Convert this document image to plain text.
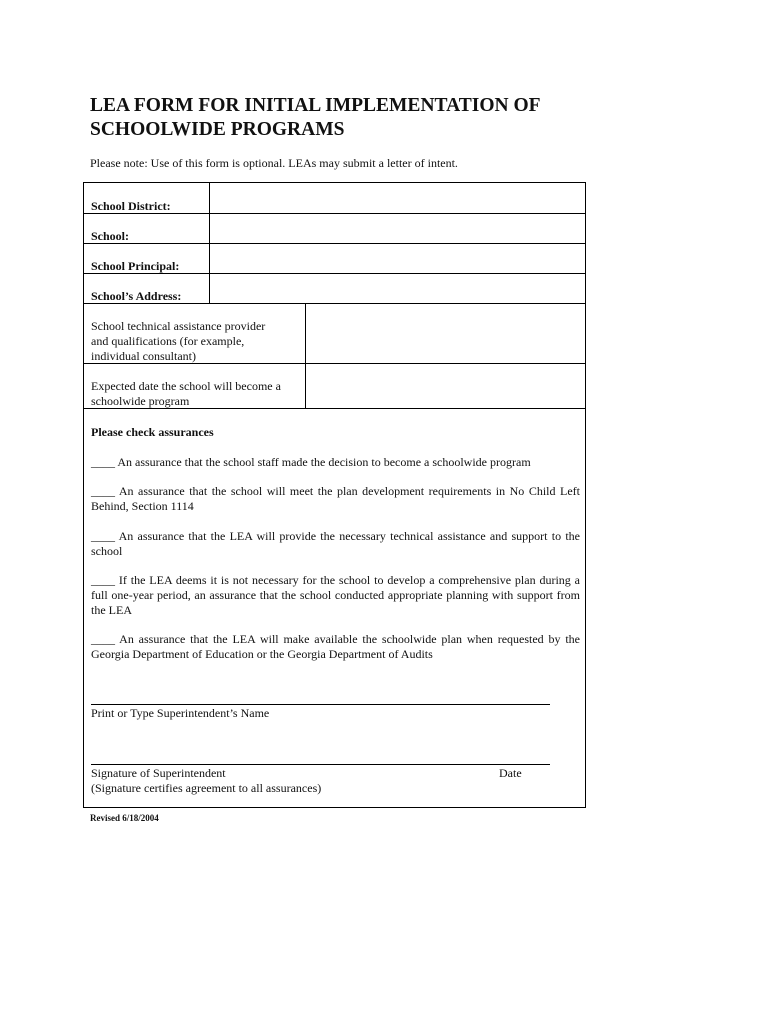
LEA FORM FOR INITIAL IMPLEMENTATION OF SCHOOLWIDE PROGRAMS
Please note: Use of this form is optional. LEAs may submit a letter of intent.
School District:
School:
School Principal:
School’s Address:
School technical assistance provider and qualifications (for example, individual consultant)
Expected date the school will become a schoolwide program
Please check assurances
____ An assurance that the school staff made the decision to become a schoolwide program
____ An assurance that the school will meet the plan development requirements in No Child Left Behind, Section 1114
____ An assurance that the LEA will provide the necessary technical assistance and support to the school
____ If the LEA deems it is not necessary for the school to develop a comprehensive plan during a full one-year period, an assurance that the school conducted appropriate planning with support from the LEA
____ An assurance that the LEA will make available the schoolwide plan when requested by the Georgia Department of Education or the Georgia Department of Audits
Print or Type Superintendent’s Name
Signature of Superintendent	Date
(Signature certifies agreement to all assurances)
Revised 6/18/2004
